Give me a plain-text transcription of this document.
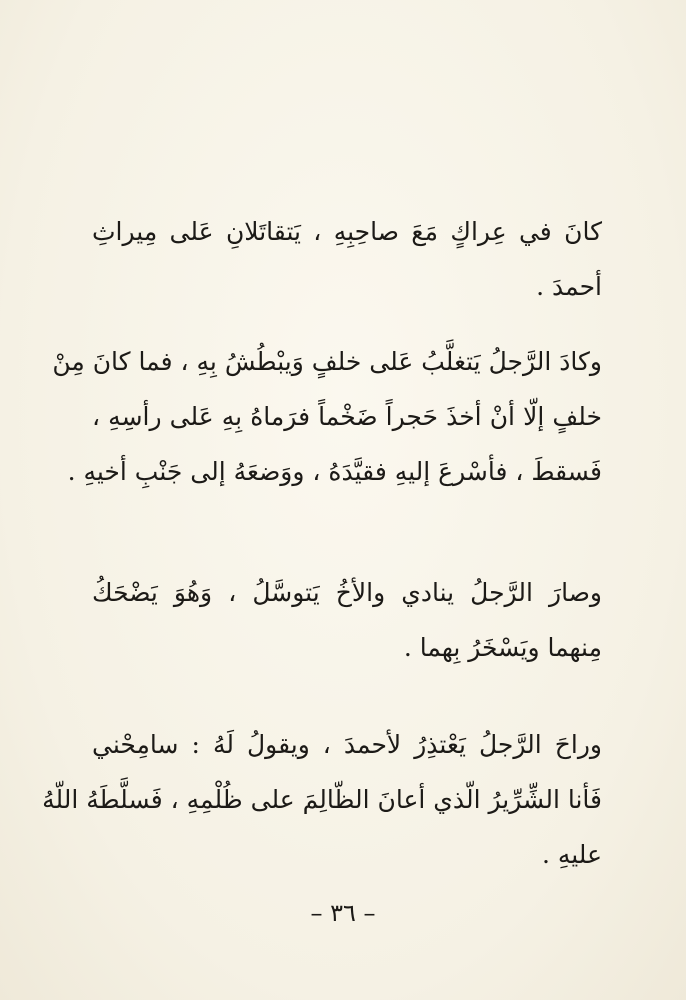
كانَ في عِراكٍ مَعَ صاحِبِهِ ، يَتقاتَلانِ عَلى مِيراثِ
أحمدَ .
وكادَ الرَّجلُ يَتغلَّبُ عَلى خلفٍ وَيبْطُشُ بِهِ ، فما كانَ مِنْ
خلفٍ إلّا أنْ أخذَ حَجراً ضَخْماً فرَماهُ بِهِ عَلى رأسِهِ ،
فَسقطَ ، فأسْرعَ إليهِ فقيَّدَهُ ، ووَضعَهُ إلى جَنْبِ أخيهِ .
وصارَ الرَّجلُ ينادي والأخُ يَتوسَّلُ ، وَهُوَ يَضْحَكُ
مِنهما ويَسْخَرُ بِهما .
وراحَ الرَّجلُ يَعْتذِرُ لأحمدَ ، ويقولُ لَهُ : سامِحْني
فَأنا الشِّرِّيرُ الّذي أعانَ الظّالِمَ على ظُلْمِهِ ، فَسلَّطَهُ اللّهُ
عليهِ .
– ٣٦ –
